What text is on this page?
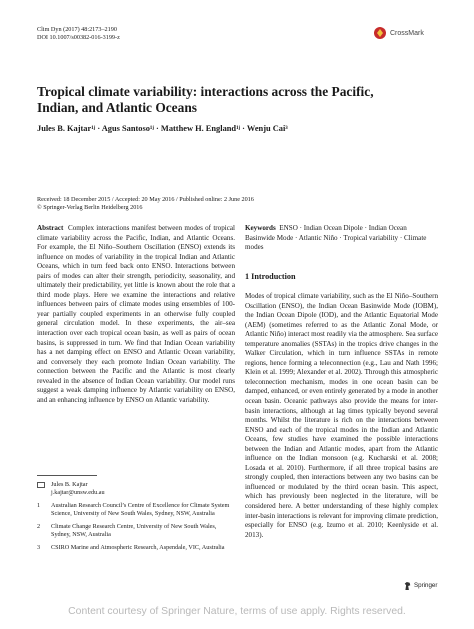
Clim Dyn (2017) 48:2173–2190
DOI 10.1007/s00382-016-3199-z
CrossMark
Tropical climate variability: interactions across the Pacific, Indian, and Atlantic Oceans
Jules B. Kajtar¹ʲ · Agus Santoso¹ʲ · Matthew H. England¹ʲ · Wenju Cai³
Received: 18 December 2015 / Accepted: 20 May 2016 / Published online: 2 June 2016
© Springer-Verlag Berlin Heidelberg 2016

Abstract Complex interactions manifest between modes of tropical climate variability across the Pacific, Indian, and Atlantic Oceans. For example, the El Niño–Southern Oscillation (ENSO) extends its influence on modes of variability in the tropical Indian and Atlantic Oceans, which in turn feed back onto ENSO. Interactions between pairs of modes can alter their strength, periodicity, seasonality, and ultimately their predictability, yet little is known about the role that a third mode plays. Here we examine the interactions and relative influences between pairs of climate modes using ensembles of 100-year partially coupled experiments in an otherwise fully coupled general circulation model. In these experiments, the air–sea interaction over each tropical ocean basin, as well as pairs of ocean basins, is suppressed in turn. We find that Indian Ocean variability has a net damping effect on ENSO and Atlantic Ocean variability, and conversely they each promote Indian Ocean variability. The connection between the Pacific and the Atlantic is most clearly revealed in the absence of Indian Ocean variability. Our model runs suggest a weak damping influence by Atlantic variability on ENSO, and an enhancing influence by ENSO on Atlantic variability.

Keywords ENSO · Indian Ocean Dipole · Indian Ocean Basinwide Mode · Atlantic Niño · Tropical variability · Climate modes

1 Introduction

Modes of tropical climate variability, such as the El Niño–Southern Oscillation (ENSO), the Indian Ocean Basinwide Mode (IOBM), the Indian Ocean Dipole (IOD), and the Atlantic Equatorial Mode (AEM) (sometimes referred to as the Atlantic Zonal Mode, or Atlantic Niño) interact most readily via the atmosphere. Sea surface temperature anomalies (SSTAs) in the tropics drive changes in the Walker Circulation, which in turn influence SSTAs in remote regions, hence forming a teleconnection (e.g., Lau and Nath 1996; Klein et al. 1999; Alexander et al. 2002). Through this atmospheric teleconnection mechanism, modes in one ocean basin can be damped, enhanced, or even entirely generated by a mode in another ocean basin. Oceanic pathways also provide the means for inter-basin interactions, although at lag times typically beyond several months. Whilst the literature is rich on the interactions between ENSO and each of the tropical modes in the Indian and Atlantic Oceans, few studies have examined the possible interactions between the Indian and Atlantic modes, apart from the Atlantic influence on the Indian monsoon (e.g. Kucharski et al. 2008; Losada et al. 2010). Furthermore, if all three tropical basins are strongly coupled, then interactions between any two basins can be influenced or modulated by the third ocean basin. This aspect, which has previously been neglected in the literature, will be considered here. A better understanding of these highly complex inter-basin interactions is relevant for improving climate prediction, especially for ENSO (e.g. Izumo et al. 2010; Keenlyside et al. 2013).

Jules B. Kajtar
j.kajtar@unsw.edu.au
1	Australian Research Council’s Centre of Excellence for Climate System Science, University of New South Wales, Sydney, NSW, Australia
2	Climate Change Research Centre, University of New South Wales, Sydney, NSW, Australia
3	CSIRO Marine and Atmospheric Research, Aspendale, VIC, Australia
Springer
Content courtesy of Springer Nature, terms of use apply. Rights reserved.
